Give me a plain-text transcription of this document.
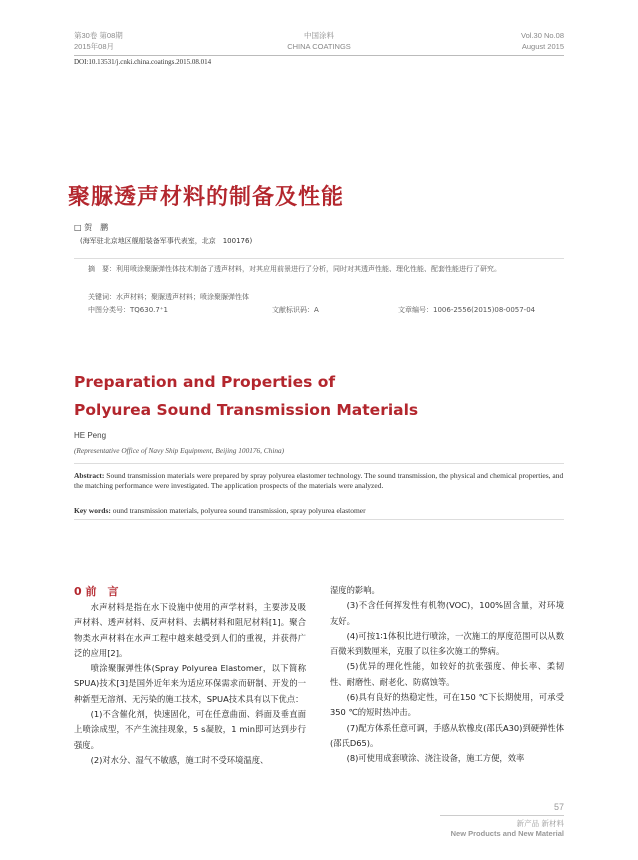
第30卷 第08期
2015年08月
中国涂料
CHINA COATINGS
Vol.30 No.08
August 2015
DOI:10.13531/j.cnki.china.coatings.2015.08.014
聚脲透声材料的制备及性能
□ 贺　鹏
(海军驻北京地区舰船装备军事代表室，北京　100176)
摘　要：利用喷涂聚脲弹性体技术制备了透声材料，对其应用前景进行了分析，同时对其透声性能、理化性能、配套性能进行了研究。
关键词：水声材料；聚脲透声材料；喷涂聚脲弹性体
中图分类号：TQ630.7⁺1	文献标识码：A	文章编号：1006-2556(2015)08-0057-04
Preparation and Properties of
Polyurea Sound Transmission Materials
HE Peng
(Representative Office of Navy Ship Equipment, Beijing 100176, China)
Abstract: Sound transmission materials were prepared by spray polyurea elastomer technology. The sound transmission, the physical and chemical properties, and the matching performance were investigated. The application prospects of the materials were analyzed.
Key words: ound transmission materials, polyurea sound transmission, spray polyurea elastomer
0 前　言

水声材料是指在水下设施中使用的声学材料，主要涉及吸声材料、透声材料、反声材料、去耦材料和阻尼材料[1]。聚合物类水声材料在水声工程中越来越受到人们的重视，并获得广泛的应用[2]。

喷涂聚脲弹性体(Spray Polyurea Elastomer，以下简称SPUA)技术[3]是国外近年来为适应环保需求而研制、开发的一种新型无溶剂、无污染的施工技术，SPUA技术具有以下优点：

(1)不含催化剂，快速固化，可在任意曲面、斜面及垂直面上喷涂成型，不产生流挂现象，5 s凝胶，1 min即可达到步行强度。

(2)对水分、湿气不敏感，施工时不受环境温度、

湿度的影响。

(3)不含任何挥发性有机物(VOC)，100%固含量，对环境友好。

(4)可按1∶1体积比进行喷涂，一次施工的厚度范围可以从数百微米到数厘米，克服了以往多次施工的弊病。

(5)优异的理化性能，如较好的抗张强度、伸长率、柔韧性、耐磨性、耐老化、防腐蚀等。

(6)具有良好的热稳定性，可在150 ℃下长期使用，可承受350 ℃的短时热冲击。

(7)配方体系任意可调，手感从软橡皮(邵氏A30)到硬弹性体(邵氏D65)。

(8)可使用成套喷涂、浇注设备，施工方便，效率

57
新产品 新材料
New Products and New Material
